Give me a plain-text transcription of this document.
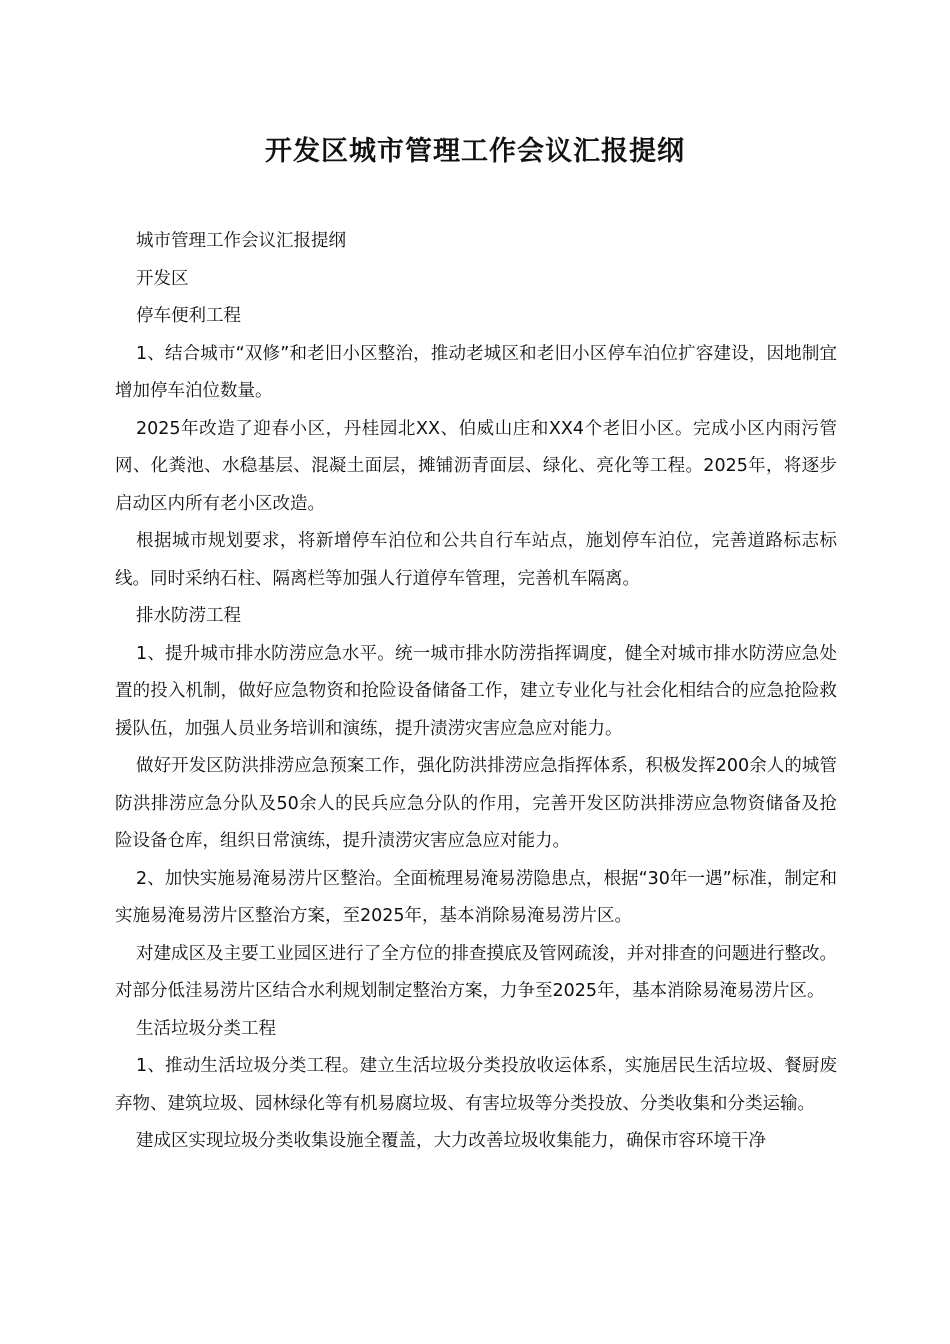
开发区城市管理工作会议汇报提纲

城市管理工作会议汇报提纲

开发区

停车便利工程

1、结合城市“双修”和老旧小区整治，推动老城区和老旧小区停车泊位扩容建设，因地制宜增加停车泊位数量。

2025年改造了迎春小区，丹桂园北XX、伯威山庄和XX4个老旧小区。完成小区内雨污管网、化粪池、水稳基层、混凝土面层，摊铺沥青面层、绿化、亮化等工程。2025年，将逐步启动区内所有老小区改造。

根据城市规划要求，将新增停车泊位和公共自行车站点，施划停车泊位，完善道路标志标线。同时采纳石柱、隔离栏等加强人行道停车管理，完善机车隔离。

排水防涝工程

1、提升城市排水防涝应急水平。统一城市排水防涝指挥调度，健全对城市排水防涝应急处置的投入机制，做好应急物资和抢险设备储备工作，建立专业化与社会化相结合的应急抢险救援队伍，加强人员业务培训和演练，提升渍涝灾害应急应对能力。

做好开发区防洪排涝应急预案工作，强化防洪排涝应急指挥体系，积极发挥200余人的城管防洪排涝应急分队及50余人的民兵应急分队的作用，完善开发区防洪排涝应急物资储备及抢险设备仓库，组织日常演练，提升渍涝灾害应急应对能力。

2、加快实施易淹易涝片区整治。全面梳理易淹易涝隐患点，根据“30年一遇”标准，制定和实施易淹易涝片区整治方案，至2025年，基本消除易淹易涝片区。

对建成区及主要工业园区进行了全方位的排查摸底及管网疏浚，并对排查的问题进行整改。对部分低洼易涝片区结合水利规划制定整治方案，力争至2025年，基本消除易淹易涝片区。

生活垃圾分类工程

1、推动生活垃圾分类工程。建立生活垃圾分类投放收运体系，实施居民生活垃圾、餐厨废弃物、建筑垃圾、园林绿化等有机易腐垃圾、有害垃圾等分类投放、分类收集和分类运输。

建成区实现垃圾分类收集设施全覆盖，大力改善垃圾收集能力，确保市容环境干净
